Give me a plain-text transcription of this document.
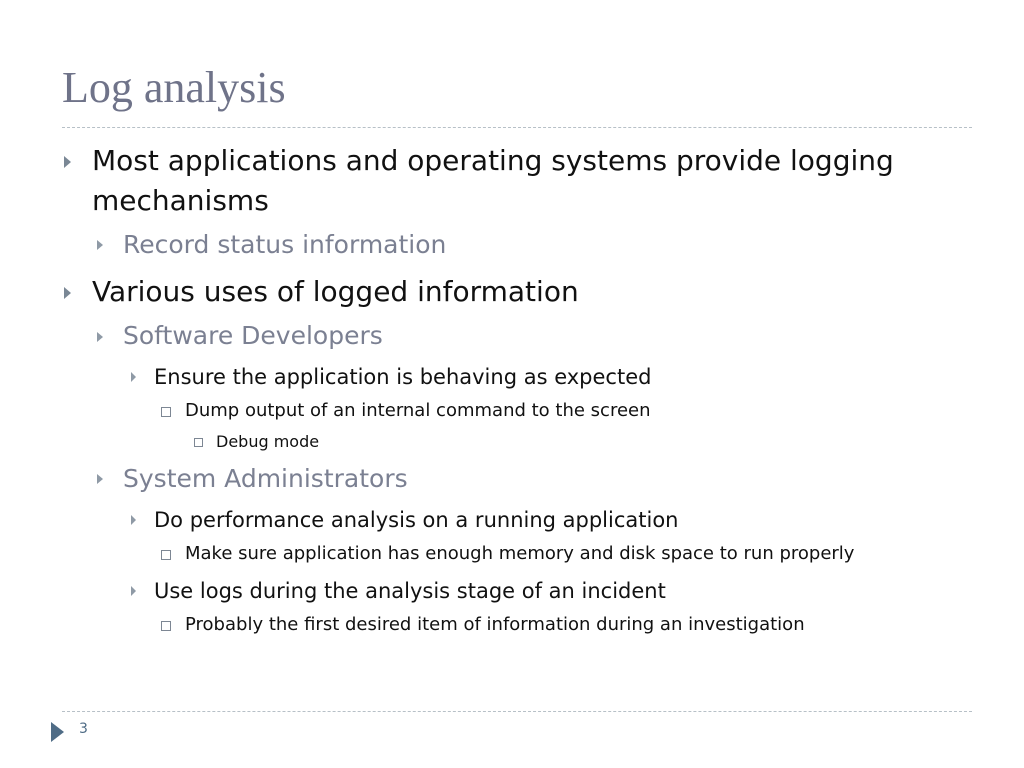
Log analysis
Most applications and operating systems provide logging
mechanisms
Record status information
Various uses of logged information
Software Developers
Ensure the application is behaving as expected
Dump output of an internal command to the screen
Debug mode
System Administrators
Do performance analysis on a running application
Make sure application has enough memory and disk space to run properly
Use logs during the analysis stage of an incident
Probably the first desired item of information during an investigation
3
